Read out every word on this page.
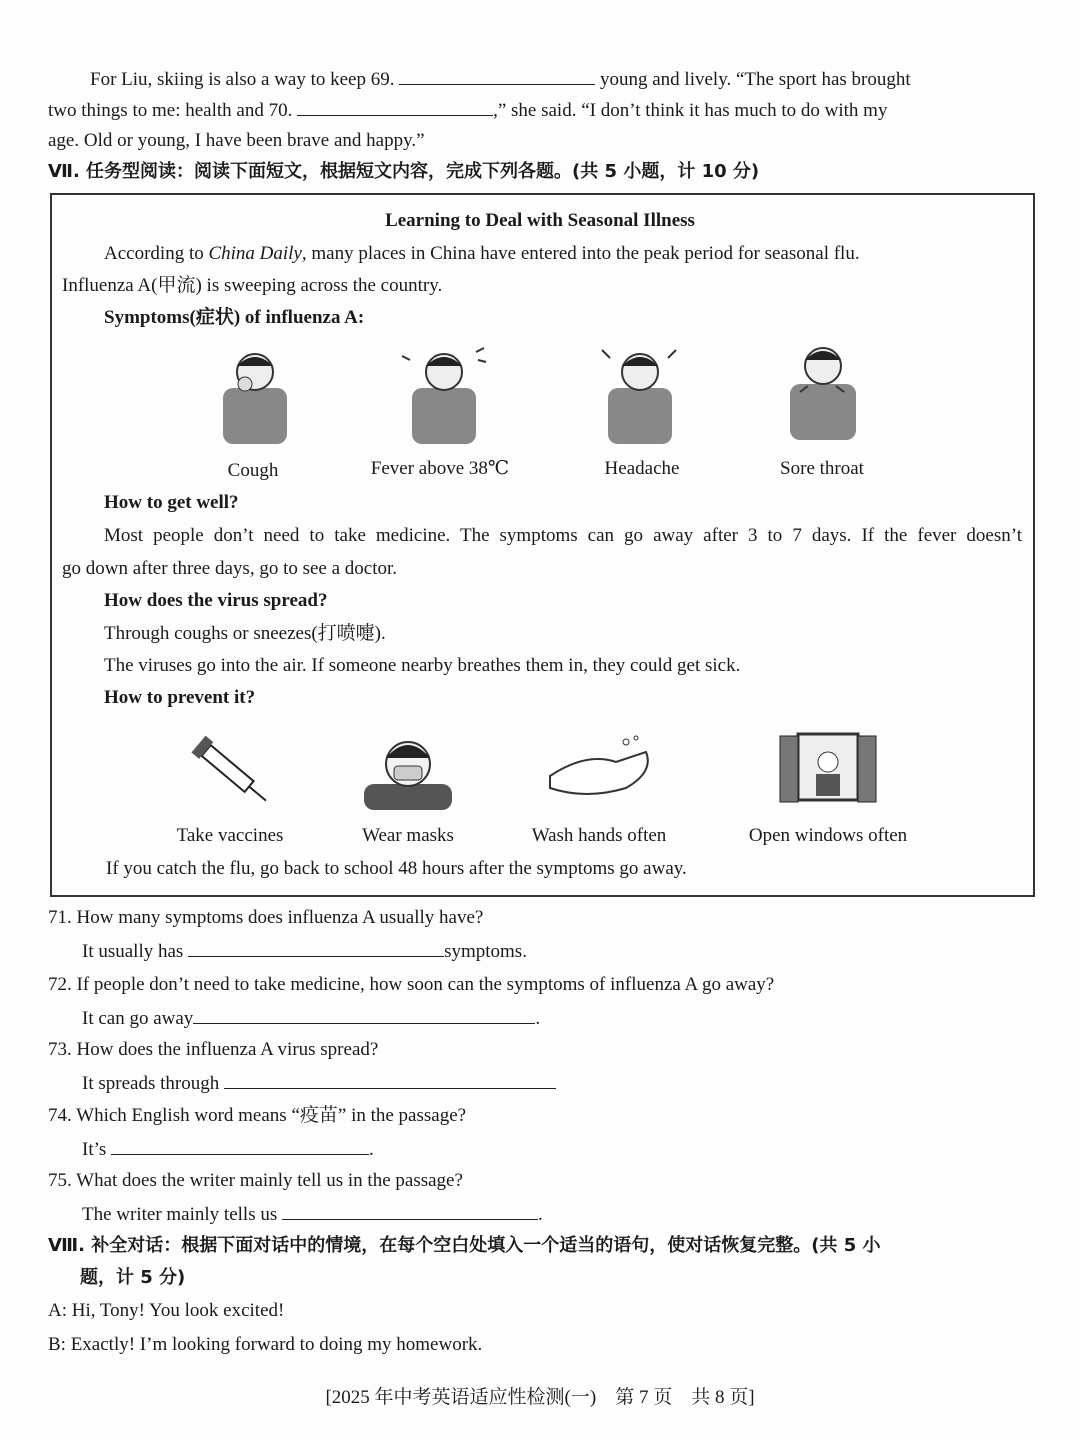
For Liu, skiing is also a way to keep 69.	young and lively. “The sport has brought
two things to me: health and 70.	,” she said. “I don’t think it has much to do with my
age. Old or young, I have been brave and happy.”
Ⅶ. 任务型阅读：阅读下面短文，根据短文内容，完成下列各题。(共 5 小题，计 10 分)
Learning to Deal with Seasonal Illness
According to China Daily, many places in China have entered into the peak period for seasonal flu.
Influenza A(甲流) is sweeping across the country.
Symptoms(症状) of influenza A:
Cough	Fever above 38℃	Headache	Sore throat
How to get well?
Most people don’t need to take medicine. The symptoms can go away after 3 to 7 days. If the fever doesn’t
go down after three days, go to see a doctor.
How does the virus spread?
Through coughs or sneezes(打喷嚏).
The viruses go into the air. If someone nearby breathes them in, they could get sick.
How to prevent it?
Take vaccines	Wear masks	Wash hands often	Open windows often
If you catch the flu, go back to school 48 hours after the symptoms go away.
71. How many symptoms does influenza A usually have?
It usually has	symptoms.
72. If people don’t need to take medicine, how soon can the symptoms of influenza A go away?
It can go away	.
73. How does the influenza A virus spread?
It spreads through
74. Which English word means “疫苗” in the passage?
It’s	.
75. What does the writer mainly tell us in the passage?
The writer mainly tells us	.
Ⅷ. 补全对话：根据下面对话中的情境，在每个空白处填入一个适当的语句，使对话恢复完整。(共 5 小
题，计 5 分)
A: Hi, Tony! You look excited!
B: Exactly! I’m looking forward to doing my homework.
[2025 年中考英语适应性检测(一)　第 7 页　共 8 页]
